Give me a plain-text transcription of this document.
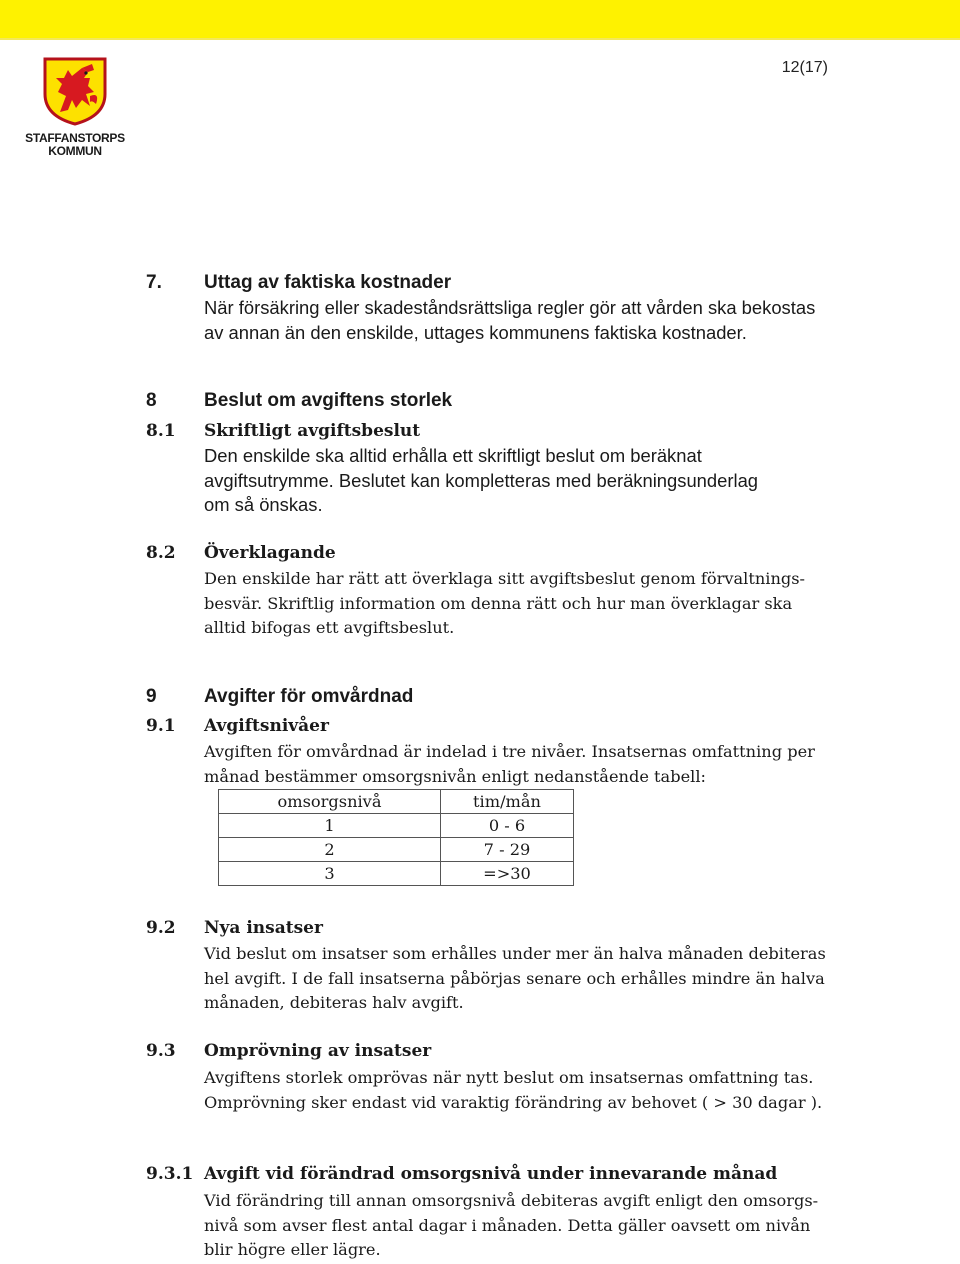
STAFFANSTORPS
KOMMUN
12(17)
7. Uttag av faktiska kostnader
När försäkring eller skadeståndsrättsliga regler gör att vården ska bekostas
av annan än den enskilde, uttages kommunens faktiska kostnader.
8 Beslut om avgiftens storlek
8.1 Skriftligt avgiftsbeslut
Den enskilde ska alltid erhålla ett skriftligt beslut om beräknat
avgiftsutrymme. Beslutet kan kompletteras med beräkningsunderlag
om så önskas.
8.2 Överklagande
Den enskilde har rätt att överklaga sitt avgiftsbeslut genom förvaltnings-
besvär. Skriftlig information om denna rätt och hur man överklagar ska
alltid bifogas ett avgiftsbeslut.
9 Avgifter för omvårdnad
9.1 Avgiftsnivåer
Avgiften för omvårdnad är indelad i tre nivåer. Insatsernas omfattning per
månad bestämmer omsorgsnivån enligt nedanstående tabell:
omsorgsnivå	tim/mån
1	0 - 6
2	7 - 29
3	=>30
9.2 Nya insatser
Vid beslut om insatser som erhålles under mer än halva månaden debiteras
hel avgift. I de fall insatserna påbörjas senare och erhålles mindre än halva
månaden, debiteras halv avgift.
9.3 Omprövning av insatser
Avgiftens storlek omprövas när nytt beslut om insatsernas omfattning tas.
Omprövning sker endast vid varaktig förändring av behovet ( > 30 dagar ).
9.3.1 Avgift vid förändrad omsorgsnivå under innevarande månad
Vid förändring till annan omsorgsnivå debiteras avgift enligt den omsorgs-
nivå som avser flest antal dagar i månaden. Detta gäller oavsett om nivån
blir högre eller lägre.
